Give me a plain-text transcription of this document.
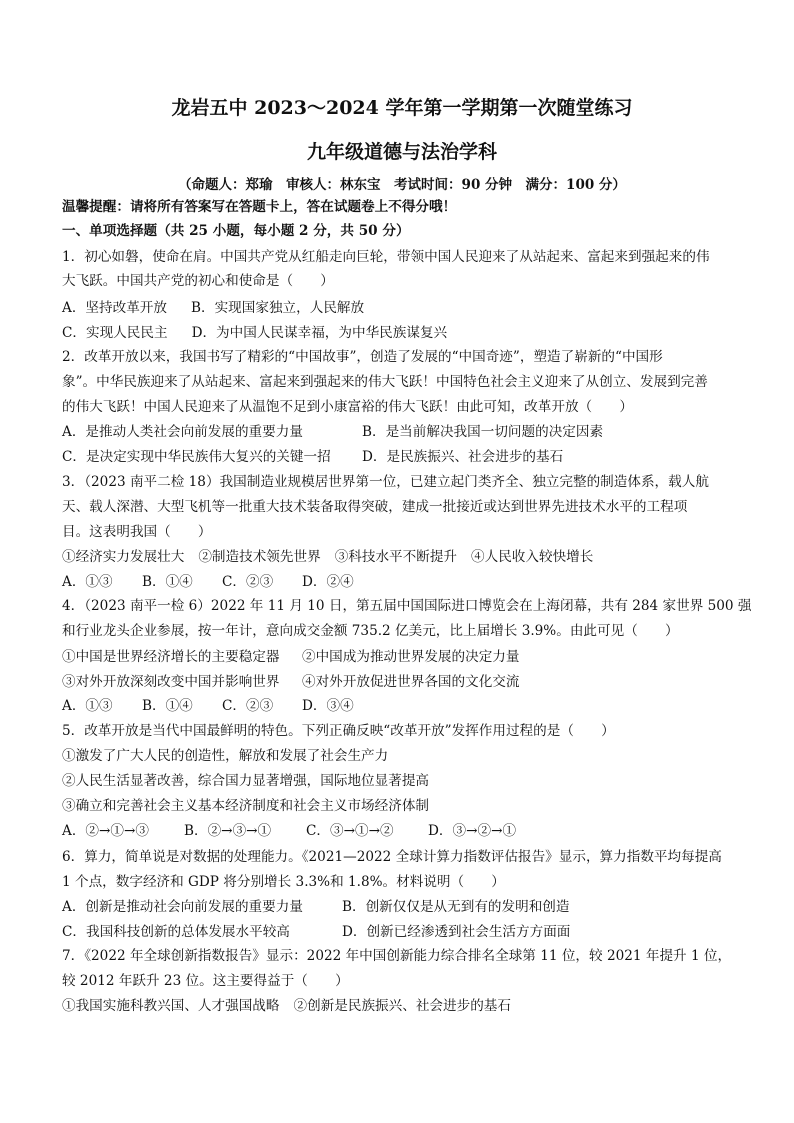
龙岩五中 2023～2024 学年第一学期第一次随堂练习
九年级道德与法治学科
（命题人：郑瑜　审核人：林东宝　考试时间：90 分钟　满分：100 分）
温馨提醒：请将所有答案写在答题卡上，答在试题卷上不得分哦！
一、单项选择题（共 25 小题，每小题 2 分，共 50 分）
1．初心如磐，使命在肩。中国共产党从红船走向巨轮，带领中国人民迎来了从站起来、富起来到强起来的伟
大飞跃。中国共产党的初心和使命是（　　）
A．坚持改革开放 B．实现国家独立，人民解放
C．实现人民民主 D．为中国人民谋幸福，为中华民族谋复兴
2．改革开放以来，我国书写了精彩的“中国故事”，创造了发展的“中国奇迹”，塑造了崭新的“中国形
象”。中华民族迎来了从站起来、富起来到强起来的伟大飞跃！中国特色社会主义迎来了从创立、发展到完善
的伟大飞跃！中国人民迎来了从温饱不足到小康富裕的伟大飞跃！由此可知，改革开放（　　）
A．是推动人类社会向前发展的重要力量	B．是当前解决我国一切问题的决定因素
C．是决定实现中华民族伟大复兴的关键一招 D．是民族振兴、社会进步的基石
3．（2023 南平二检 18）我国制造业规模居世界第一位，已建立起门类齐全、独立完整的制造体系，载人航
天、载人深潜、大型飞机等一批重大技术装备取得突破，建成一批接近或达到世界先进技术水平的工程项
目。这表明我国（　　）
①经济实力发展壮大 ②制造技术领先世界 ③科技水平不断提升 ④人民收入较快增长
A．①③ B．①④ C．②③ D．②④
4．（2023 南平一检 6）2022 年 11 月 10 日，第五届中国国际进口博览会在上海闭幕，共有 284 家世界 500 强
和行业龙头企业参展，按一年计，意向成交金额 735.2 亿美元，比上届增长 3.9%。由此可见（　　）
①中国是世界经济增长的主要稳定器 ②中国成为推动世界发展的决定力量
③对外开放深刻改变中国并影响世界 ④对外开放促进世界各国的文化交流
A．①③ B．①④ C．②③ D．③④
5．改革开放是当代中国最鲜明的特色。下列正确反映“改革开放”发挥作用过程的是（　　）
①激发了广大人民的创造性，解放和发展了社会生产力
②人民生活显著改善，综合国力显著增强，国际地位显著提高
③确立和完善社会主义基本经济制度和社会主义市场经济体制
A．②→①→③	B．②→③→①	C．③→①→②	D．③→②→①
6．算力，简单说是对数据的处理能力。《2021—2022 全球计算力指数评估报告》显示，算力指数平均每提高
1 个点，数字经济和 GDP 将分别增长 3.3%和 1.8%。材料说明（　　）
A．创新是推动社会向前发展的重要力量	B．创新仅仅是从无到有的发明和创造
C．我国科技创新的总体发展水平较高	D．创新已经渗透到社会生活方方面面
7．《2022 年全球创新指数报告》显示：2022 年中国创新能力综合排名全球第 11 位，较 2021 年提升 1 位，
较 2012 年跃升 23 位。这主要得益于（　　）
①我国实施科教兴国、人才强国战略 ②创新是民族振兴、社会进步的基石
